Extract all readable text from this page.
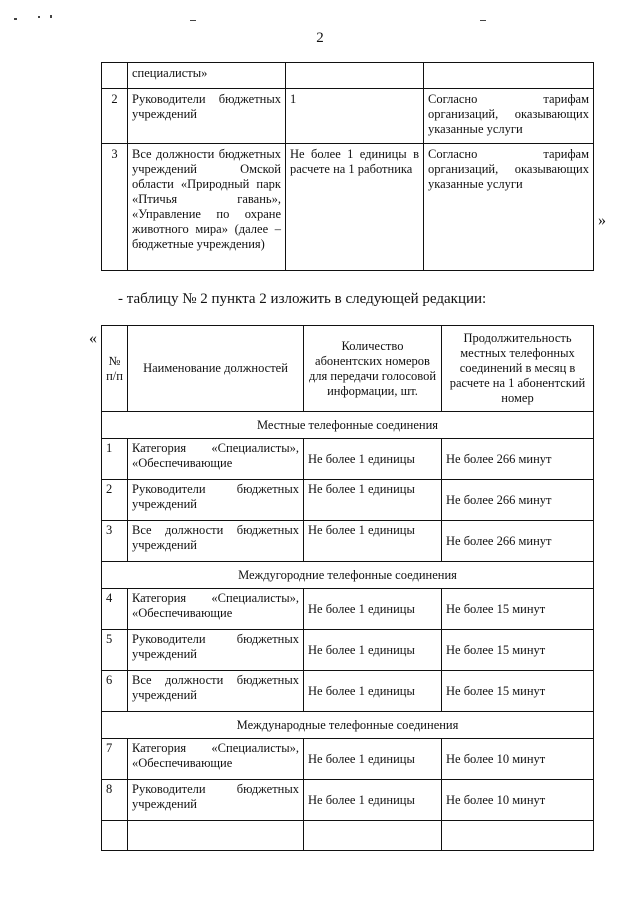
2
	специалисты»		
2	Руководители бюджетных учреждений	1	Согласно тарифам организаций, оказывающих указанные услуги
3	Все должности бюджетных учреждений Омской области «Природный парк «Птичья гавань», «Управление по охране животного мира» (далее – бюджетные учреждения)	Не более 1 единицы в расчете на 1 работника	Согласно тарифам организаций, оказывающих указанные услуги
»
- таблицу № 2 пункта 2 изложить в следующей редакции:
«
№ п/п	Наименование должностей	Количество абонентских номеров для передачи голосовой информации, шт.	Продолжительность местных телефонных соединений в месяц в расчете на 1 абонентский номер
Местные телефонные соединения			
1	Категория «Специалисты», «Обеспечивающие	Не более 1 единицы	Не более 266 минут
2	Руководители бюджетных учреждений	Не более 1 единицы	Не более 266 минут
3	Все должности бюджетных учреждений	Не более 1 единицы	Не более 266 минут
Междугородние телефонные соединения			
4	Категория «Специалисты», «Обеспечивающие	Не более 1 единицы	Не более 15 минут
5	Руководители бюджетных учреждений	Не более 1 единицы	Не более 15 минут
6	Все должности бюджетных учреждений	Не более 1 единицы	Не более 15 минут
Международные телефонные соединения			
7	Категория «Специалисты», «Обеспечивающие	Не более 1 единицы	Не более 10 минут
8	Руководители бюджетных учреждений	Не более 1 единицы	Не более 10 минут
